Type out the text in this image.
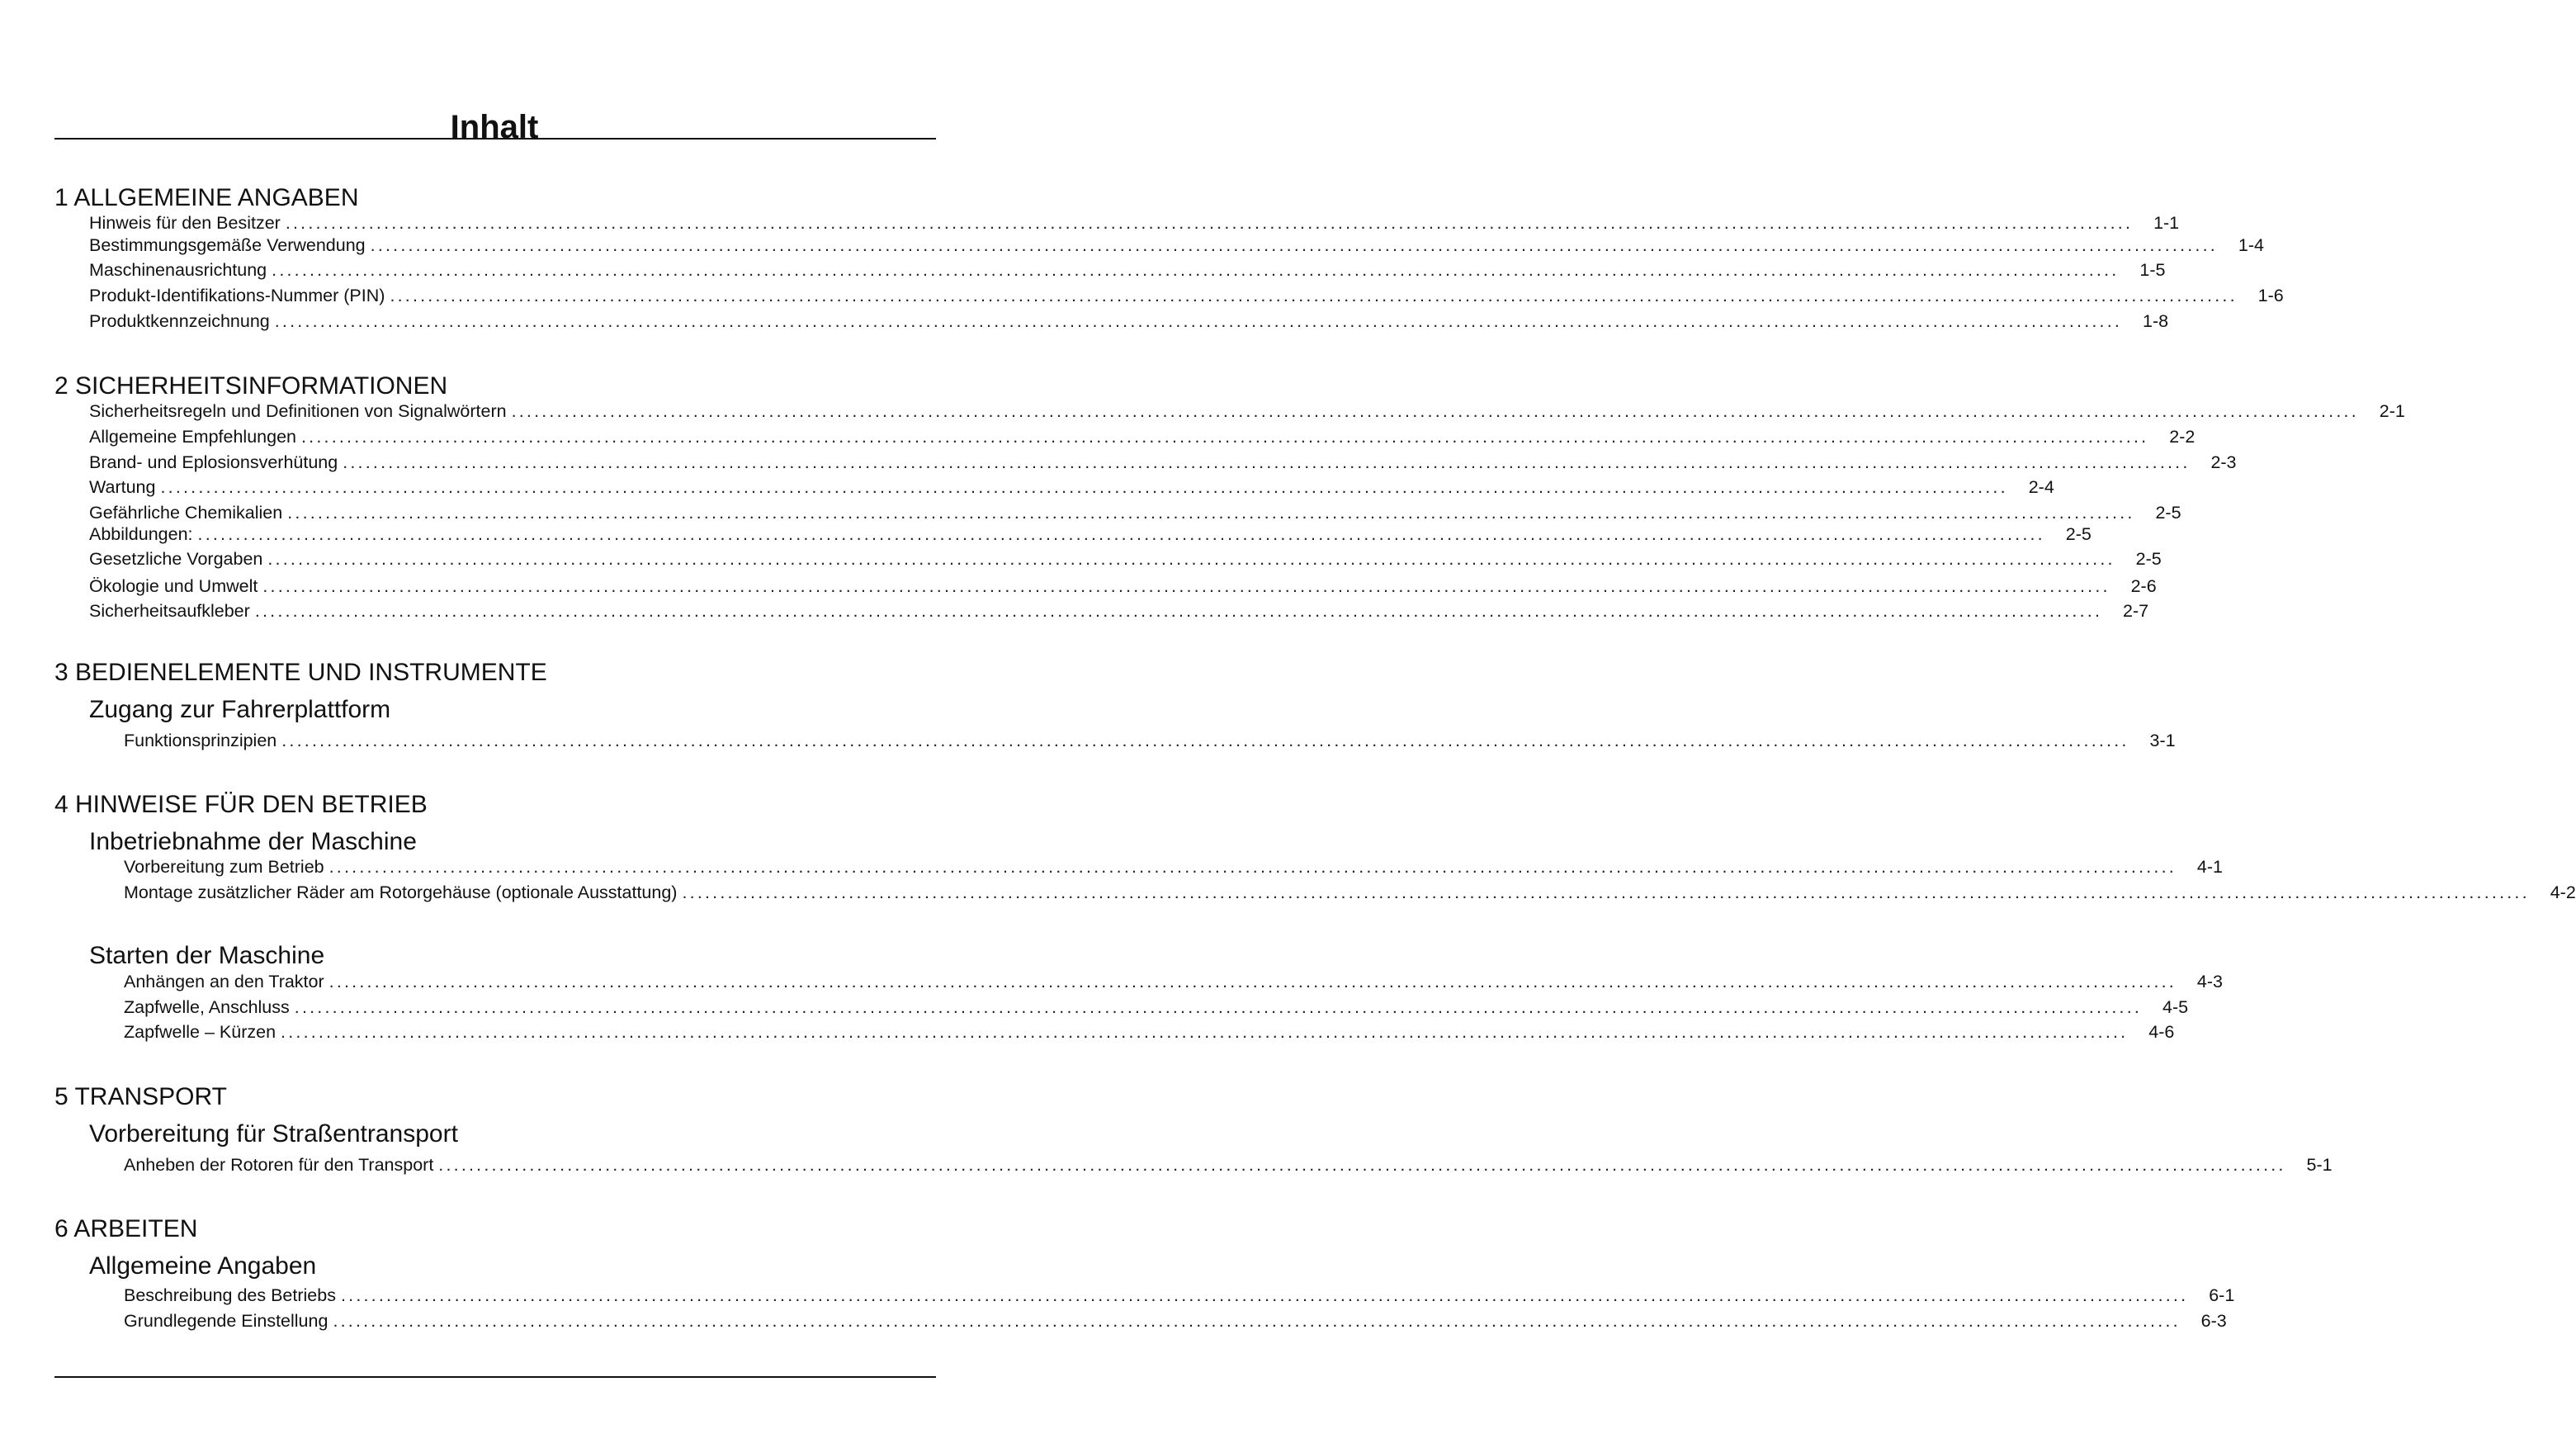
Inhalt
1 ALLGEMEINE ANGABEN
Hinweis für den Besitzer ....................................................................................................................................................................................................................................................	1-1
Bestimmungsgemäße Verwendung ....................................................................................................................................................................................................................................................	1-4
Maschinenausrichtung ....................................................................................................................................................................................................................................................	1-5
Produkt-Identifikations-Nummer (PIN) ....................................................................................................................................................................................................................................................	1-6
Produktkennzeichnung ....................................................................................................................................................................................................................................................	1-8
2 SICHERHEITSINFORMATIONEN
Sicherheitsregeln und Definitionen von Signalwörtern ....................................................................................................................................................................................................................................................	2-1
Allgemeine Empfehlungen ....................................................................................................................................................................................................................................................	2-2
Brand- und Eplosionsverhütung ....................................................................................................................................................................................................................................................	2-3
Wartung ....................................................................................................................................................................................................................................................	2-4
Gefährliche Chemikalien ....................................................................................................................................................................................................................................................	2-5
Abbildungen: ....................................................................................................................................................................................................................................................	2-5
Gesetzliche Vorgaben ....................................................................................................................................................................................................................................................	2-5
Ökologie und Umwelt ....................................................................................................................................................................................................................................................	2-6
Sicherheitsaufkleber ....................................................................................................................................................................................................................................................	2-7
3 BEDIENELEMENTE UND INSTRUMENTE
Zugang zur Fahrerplattform
Funktionsprinzipien ....................................................................................................................................................................................................................................................	3-1
4 HINWEISE FÜR DEN BETRIEB
Inbetriebnahme der Maschine
Vorbereitung zum Betrieb ....................................................................................................................................................................................................................................................	4-1
Montage zusätzlicher Räder am Rotorgehäuse (optionale Ausstattung) ....................................................................................................................................................................................................................................................	4-2
Starten der Maschine
Anhängen an den Traktor ....................................................................................................................................................................................................................................................	4-3
Zapfwelle, Anschluss ....................................................................................................................................................................................................................................................	4-5
Zapfwelle – Kürzen ....................................................................................................................................................................................................................................................	4-6
5 TRANSPORT
Vorbereitung für Straßentransport
Anheben der Rotoren für den Transport ....................................................................................................................................................................................................................................................	5-1
6 ARBEITEN
Allgemeine Angaben
Beschreibung des Betriebs ....................................................................................................................................................................................................................................................	6-1
Grundlegende Einstellung ....................................................................................................................................................................................................................................................	6-3
